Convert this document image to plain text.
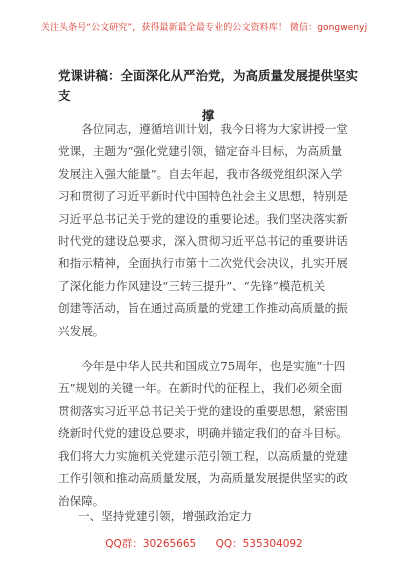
关注头条号“公文研究”，获得最新最全最专业的公文资料库！ 微信：gongwenyj
党课讲稿：全面深化从严治党，为高质量发展提供坚实支
撑

　　各位同志，遵循培训计划，我今日将为大家讲授一堂
党课，主题为“强化党建引领，锚定奋斗目标，为高质量
发展注入强大能量”。自去年起，我市各级党组织深入学
习和贯彻了习近平新时代中国特色社会主义思想，特别是
习近平总书记关于党的建设的重要论述。我们坚决落实新
时代党的建设总要求，深入贯彻习近平总书记的重要讲话
和指示精神，全面执行市第十二次党代会决议，扎实开展
了深化能力作风建设“三转三提升”、“先锋”模范机关
创建等活动，旨在通过高质量的党建工作推动高质量的振
兴发展。

　　今年是中华人民共和国成立75周年，也是实施“十四
五”规划的关键一年。在新时代的征程上，我们必须全面
贯彻落实习近平总书记关于党的建设的重要思想，紧密围
绕新时代党的建设总要求，明确并锚定我们的奋斗目标。
我们将大力实施机关党建示范引领工程，以高质量的党建
工作引领和推动高质量发展，为高质量发展提供坚实的政
治保障。

一、坚持党建引领，增强政治定力
QQ群：30265665 QQ：535304092
